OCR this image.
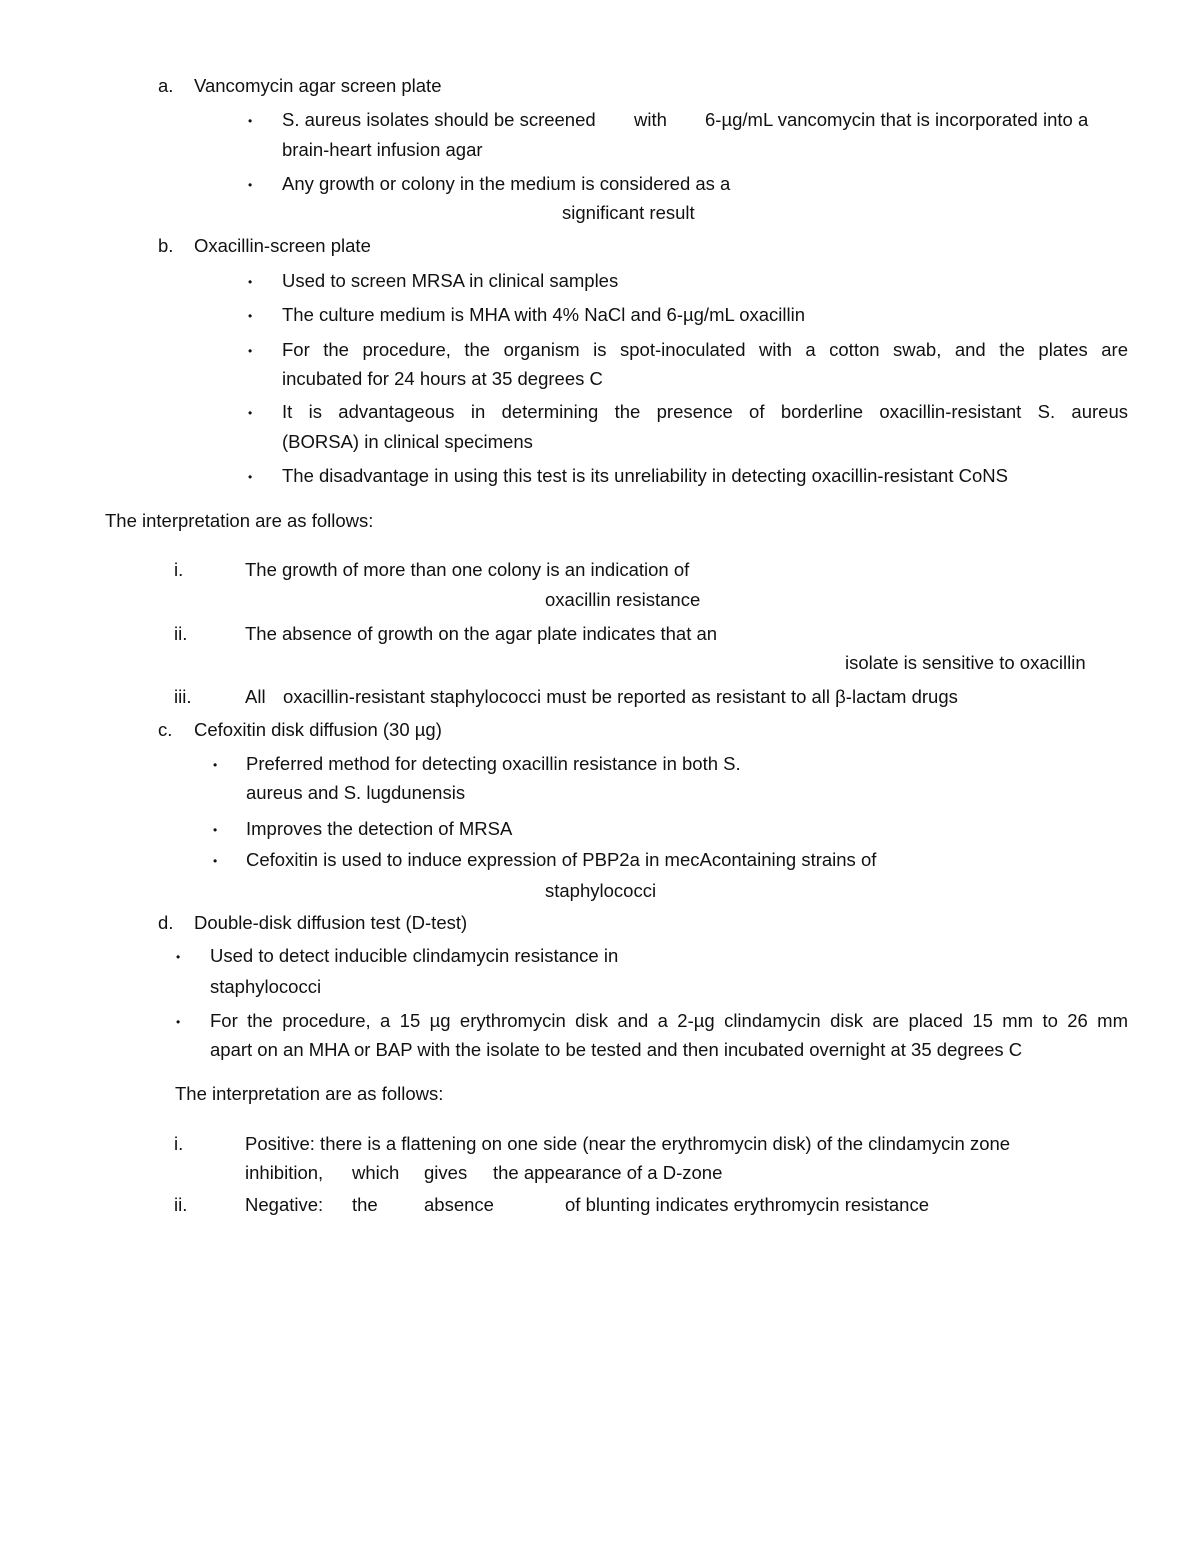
a. Vancomycin agar screen plate
• S. aureus isolates should be screened with 6-µg/mL vancomycin that is incorporated into a
brain-heart infusion agar
• Any growth or colony in the medium is considered as a
significant result
b. Oxacillin-screen plate
• Used to screen MRSA in clinical samples
• The culture medium is MHA with 4% NaCl and 6-µg/mL oxacillin
• For the procedure, the organism is spot-inoculated with a cotton swab, and the plates are
incubated for 24 hours at 35 degrees C
• It is advantageous in determining the presence of borderline oxacillin-resistant S. aureus
(BORSA) in clinical specimens
• The disadvantage in using this test is its unreliability in detecting oxacillin-resistant CoNS
The interpretation are as follows:
i.	The growth of more than one colony is an indication of
oxacillin resistance
ii.	The absence of growth on the agar plate indicates that an
isolate is sensitive to oxacillin
iii.	All oxacillin-resistant staphylococci must be reported as resistant to all β-lactam drugs
c. Cefoxitin disk diffusion (30 µg)
• Preferred method for detecting oxacillin resistance in both S.
aureus and S. lugdunensis
• Improves the detection of MRSA
• Cefoxitin is used to induce expression of PBP2a in mecAcontaining strains of
staphylococci
d. Double-disk diffusion test (D-test)
• Used to detect inducible clindamycin resistance in
staphylococci
• For the procedure, a 15 µg erythromycin disk and a 2-µg clindamycin disk are placed 15 mm to 26 mm
apart on an MHA or BAP with the isolate to be tested and then incubated overnight at 35 degrees C
The interpretation are as follows:
i.	Positive: there is a flattening on one side (near the erythromycin disk) of the clindamycin zone
inhibition, which gives the appearance of a D-zone
ii.	Negative: the	absence	of blunting indicates erythromycin resistance
